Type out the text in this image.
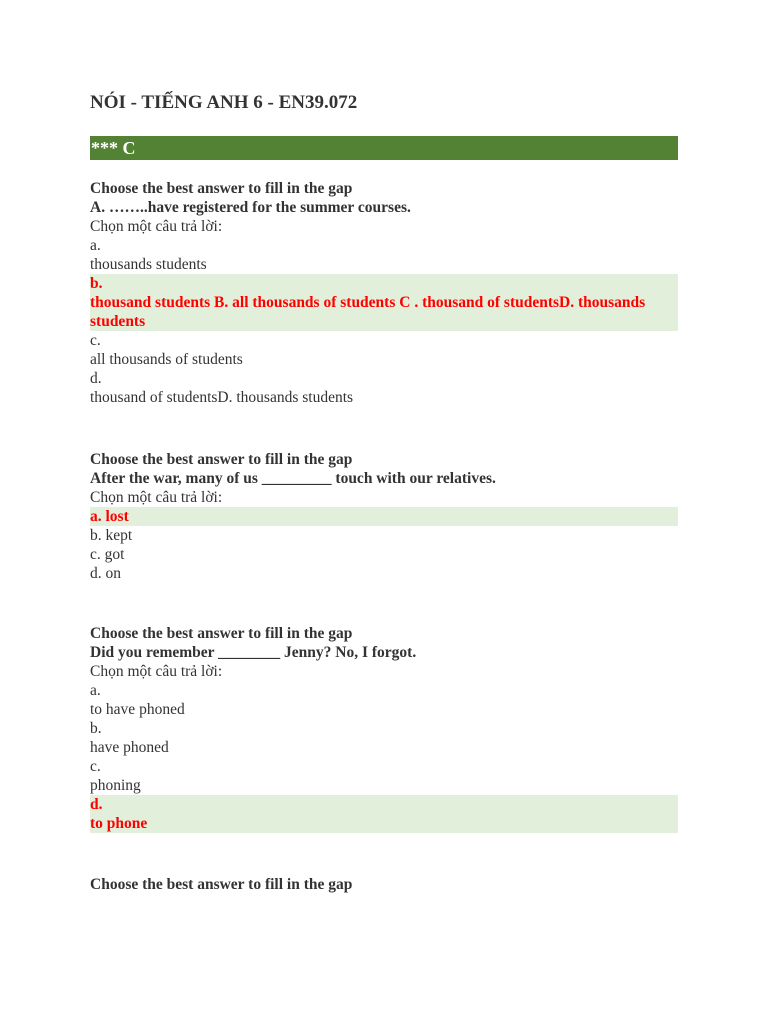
NÓI - TIẾNG ANH 6 - EN39.072
*** C
Choose the best answer to fill in the gap
A. ……..have registered for the summer courses.
Chọn một câu trả lời:
a.
thousands students
b.
thousand students B. all thousands of students C . thousand of studentsD. thousands students
c.
all thousands of students
d.
thousand of studentsD. thousands students
Choose the best answer to fill in the gap
After the war, many of us _________ touch with our relatives.
Chọn một câu trả lời:
a. lost
b. kept
c. got
d. on
Choose the best answer to fill in the gap
Did you remember ________ Jenny? No, I forgot.
Chọn một câu trả lời:
a.
to have phoned
b.
have phoned
c.
phoning
d.
to phone
Choose the best answer to fill in the gap
